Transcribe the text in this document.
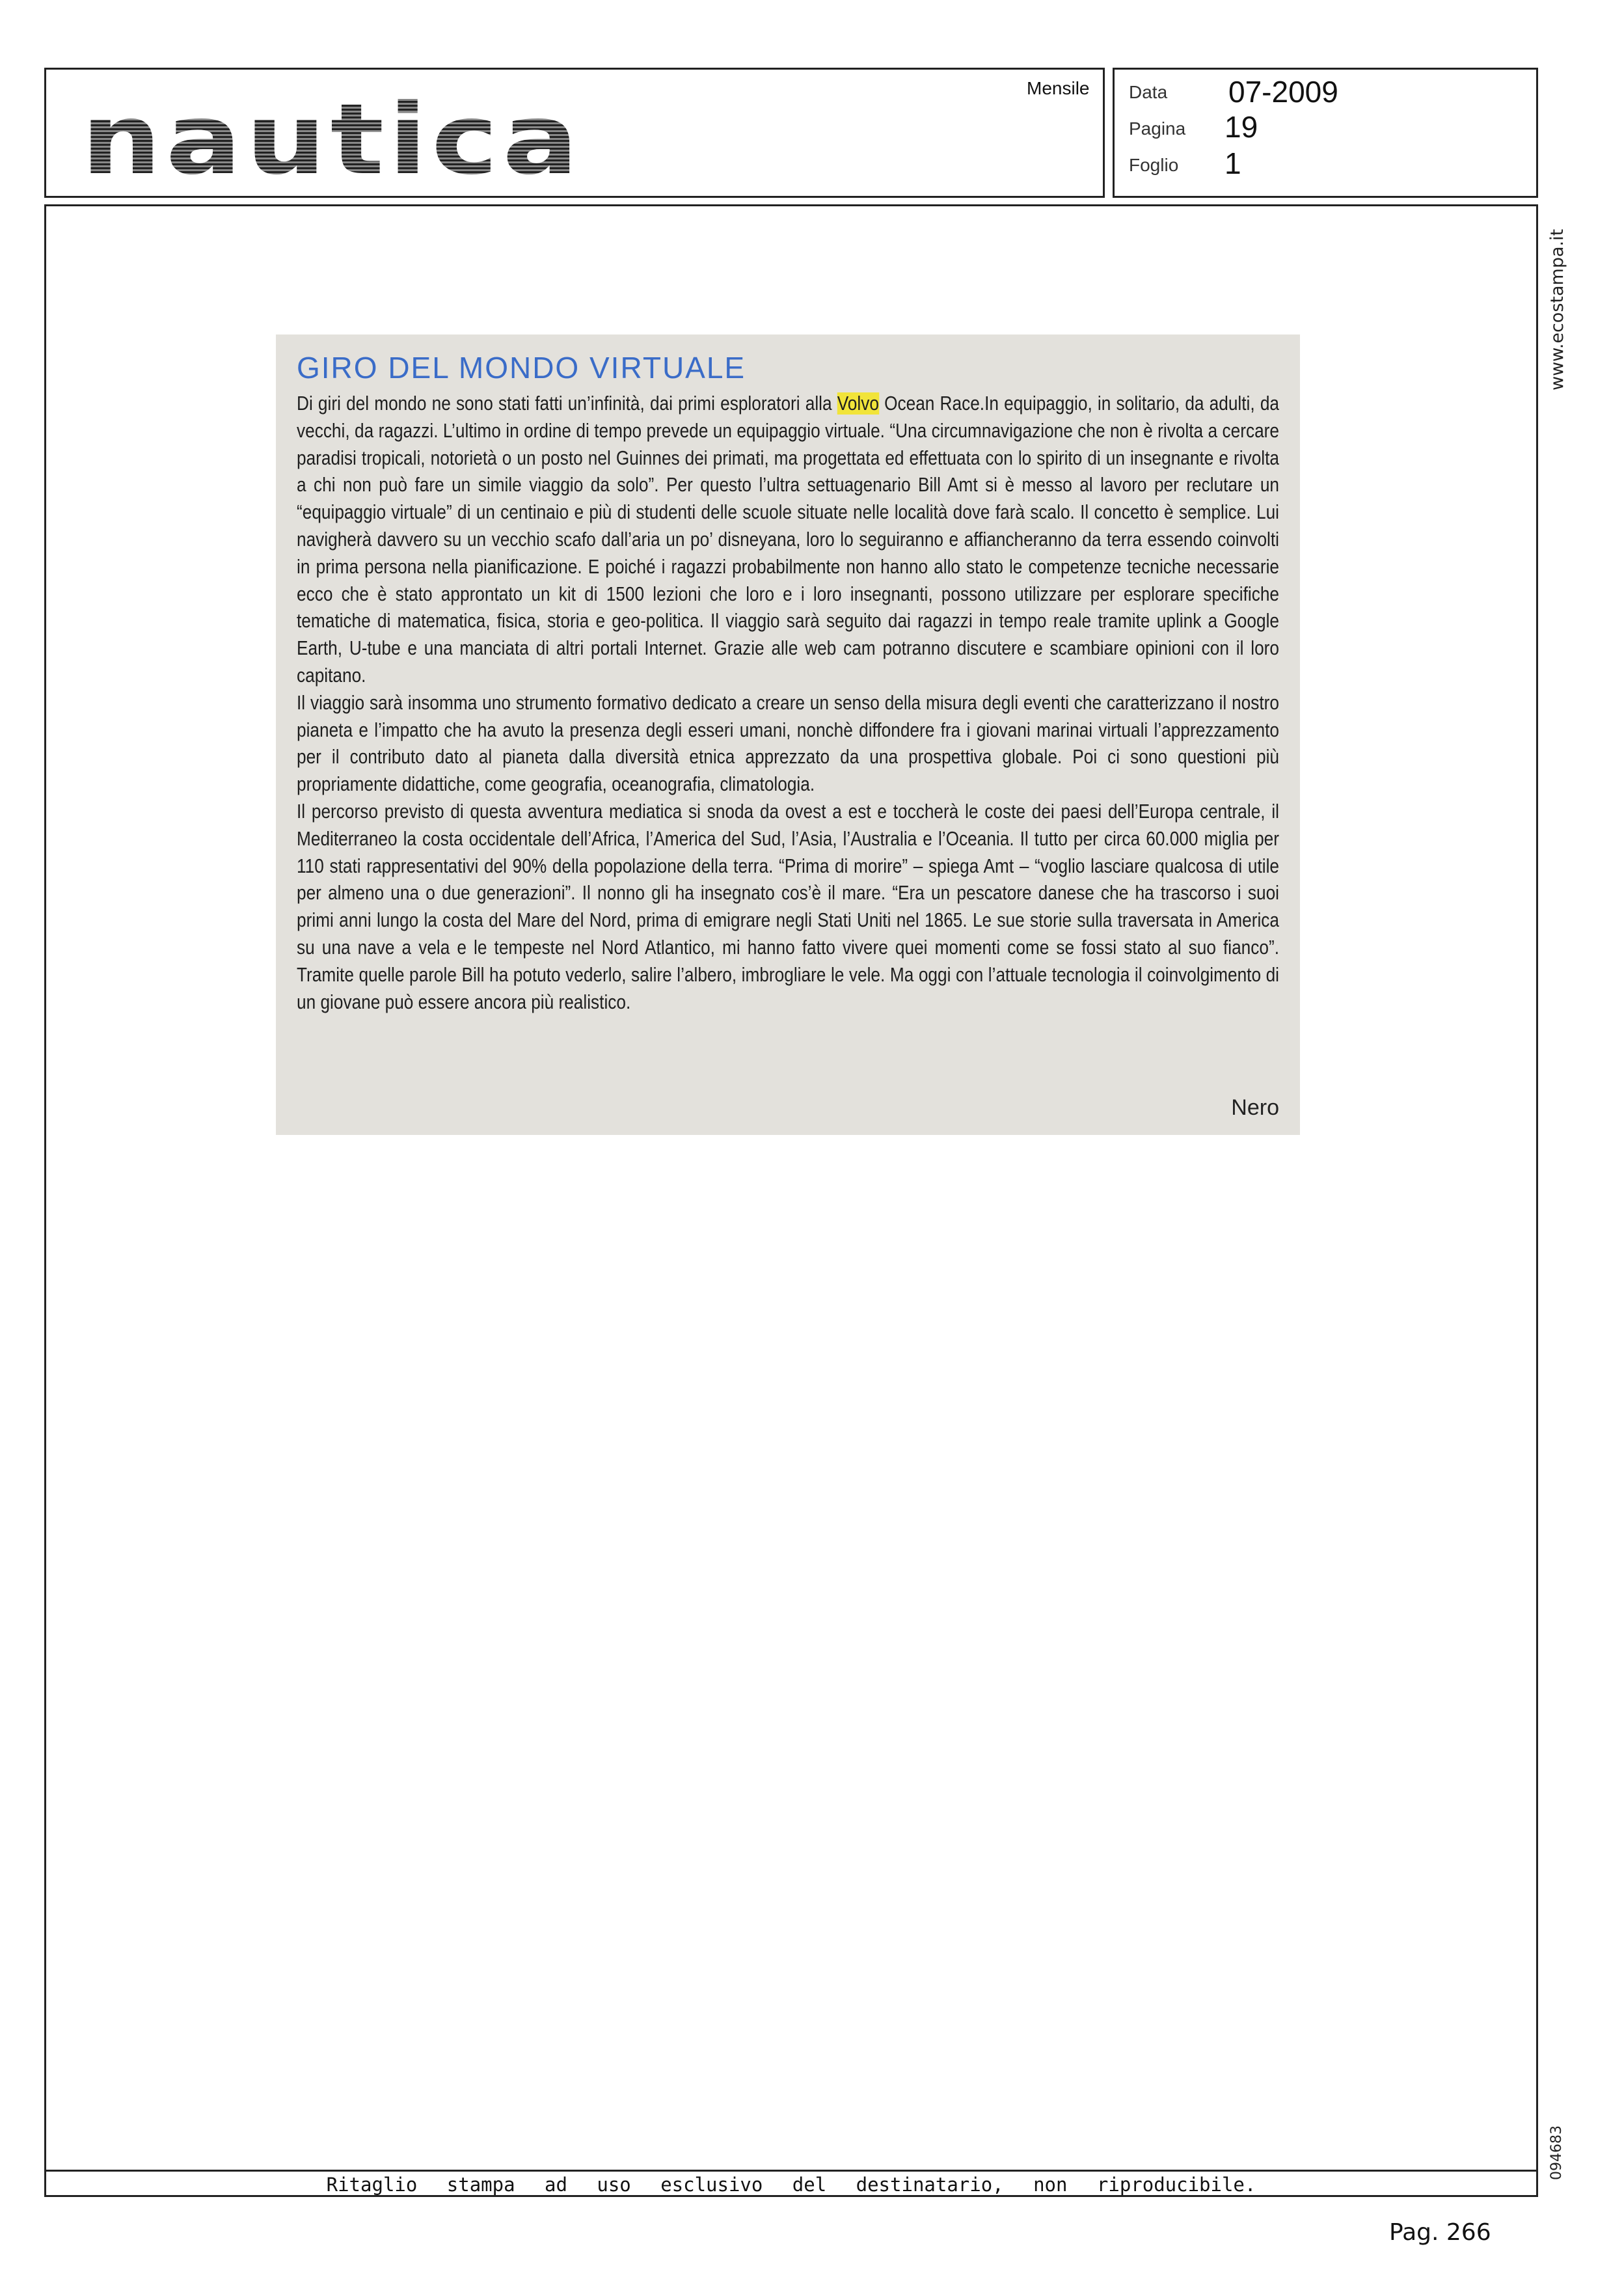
nautica	Mensile Data 07-2009
Pagina 19
Foglio 1
www.ecostampa.it
094683
GIRO DEL MONDO VIRTUALE

Di giri del mondo ne sono stati fatti un’infinità, dai primi esploratori alla Volvo Ocean Race.In equipaggio, in solitario, da adulti, da vecchi, da ragazzi. L’ultimo in ordine di tempo prevede un equipaggio virtuale. “Una circumnavigazione che non è rivolta a cercare paradisi tropicali, notorietà o un posto nel Guinnes dei primati, ma progettata ed effettuata con lo spirito di un insegnante e rivolta a chi non può fare un simile viaggio da solo”. Per questo l’ultra settuagenario Bill Amt si è messo al lavoro per reclutare un “equipaggio virtuale” di un centinaio e più di studenti delle scuole situate nelle località dove farà scalo. Il concetto è semplice. Lui navigherà davvero su un vecchio scafo dall’aria un po’ disneyana, loro lo seguiranno e affiancheranno da terra essendo coinvolti in prima persona nella pianificazione. E poiché i ragazzi probabilmente non hanno allo stato le competenze tecniche necessarie ecco che è stato approntato un kit di 1500 lezioni che loro e i loro insegnanti, possono utilizzare per esplorare specifiche tematiche di matematica, fisica, storia e geo-politica. Il viaggio sarà seguito dai ragazzi in tempo reale tramite uplink a Google Earth, U-tube e una manciata di altri portali Internet. Grazie alle web cam potranno discutere e scambiare opinioni con il loro capitano.

Il viaggio sarà insomma uno strumento formativo dedicato a creare un senso della misura degli eventi che caratterizzano il nostro pianeta e l’impatto che ha avuto la presenza degli esseri umani, nonchè diffondere fra i giovani marinai virtuali l’apprezzamento per il contributo dato al pianeta dalla diversità etnica apprezzato da una prospettiva globale. Poi ci sono questioni più propriamente didattiche, come geografia, oceanografia, climatologia.

Il percorso previsto di questa avventura mediatica si snoda da ovest a est e toccherà le coste dei paesi dell’Europa centrale, il Mediterraneo la costa occidentale dell’Africa, l’America del Sud, l’Asia, l’Australia e l’Oceania. Il tutto per circa 60.000 miglia per 110 stati rappresentativi del 90% della popolazione della terra. “Prima di morire” – spiega Amt – “voglio lasciare qualcosa di utile per almeno una o due generazioni”. Il nonno gli ha insegnato cos’è il mare. “Era un pescatore danese che ha trascorso i suoi primi anni lungo la costa del Mare del Nord, prima di emigrare negli Stati Uniti nel 1865. Le sue storie sulla traversata in America su una nave a vela e le tempeste nel Nord Atlantico, mi hanno fatto vivere quei momenti come se fossi stato al suo fianco”. Tramite quelle parole Bill ha potuto vederlo, salire l’albero, imbrogliare le vele. Ma oggi con l’attuale tecnologia il coinvolgimento di un giovane può essere ancora più realistico.

Nero
Ritaglio stampa ad uso esclusivo del destinatario, non riproducibile.
Pag. 266
